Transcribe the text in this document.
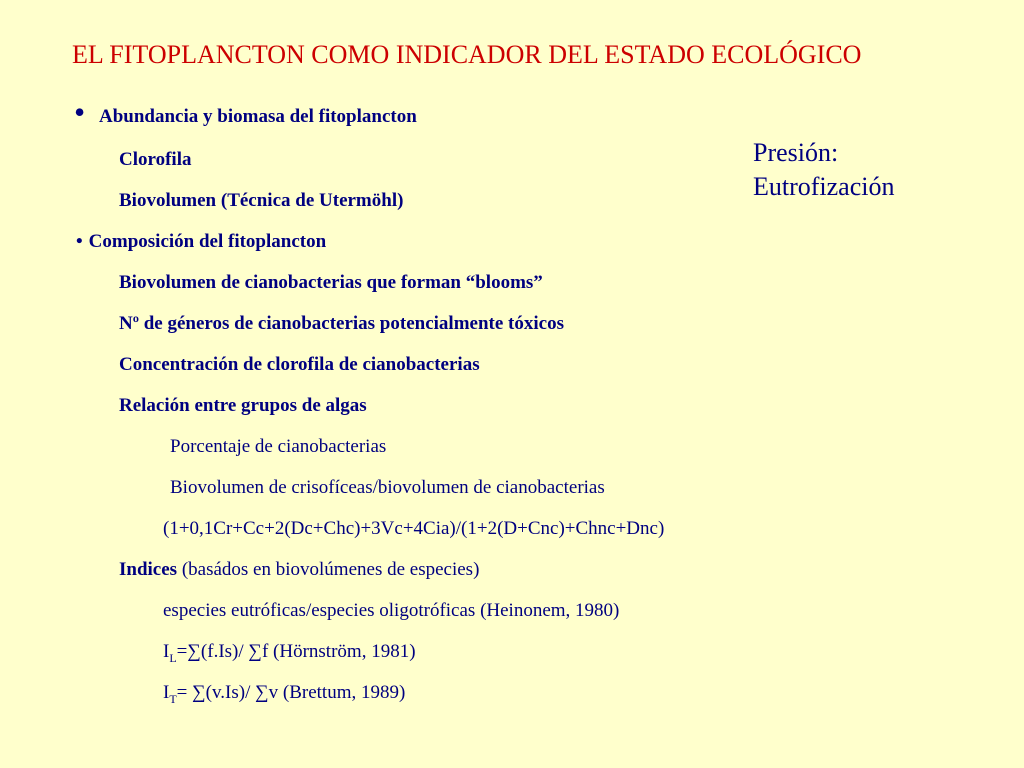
EL FITOPLANCTON COMO INDICADOR DEL ESTADO ECOLÓGICO
• Abundancia y biomasa del fitoplancton
Clorofila
Biovolumen (Técnica de Utermöhl)
• Composición del fitoplancton
Biovolumen de cianobacterias que forman “blooms”
Nº de géneros de cianobacterias potencialmente tóxicos
Concentración de clorofila de cianobacterias
Relación entre grupos de algas
Porcentaje de cianobacterias
Biovolumen de crisofíceas/biovolumen de cianobacterias
(1+0,1Cr+Cc+2(Dc+Chc)+3Vc+4Cia)/(1+2(D+Cnc)+Chnc+Dnc)
Indices (basádos en biovolúmenes de especies)
especies eutróficas/especies oligotróficas (Heinonem, 1980)
$I_L=\sum(f.Is)/$ ∑f (Hörnström, 1981)
$I_T= \sum(v.Is)/$ ∑v (Brettum, 1989)
Presión:
Eutrofización
